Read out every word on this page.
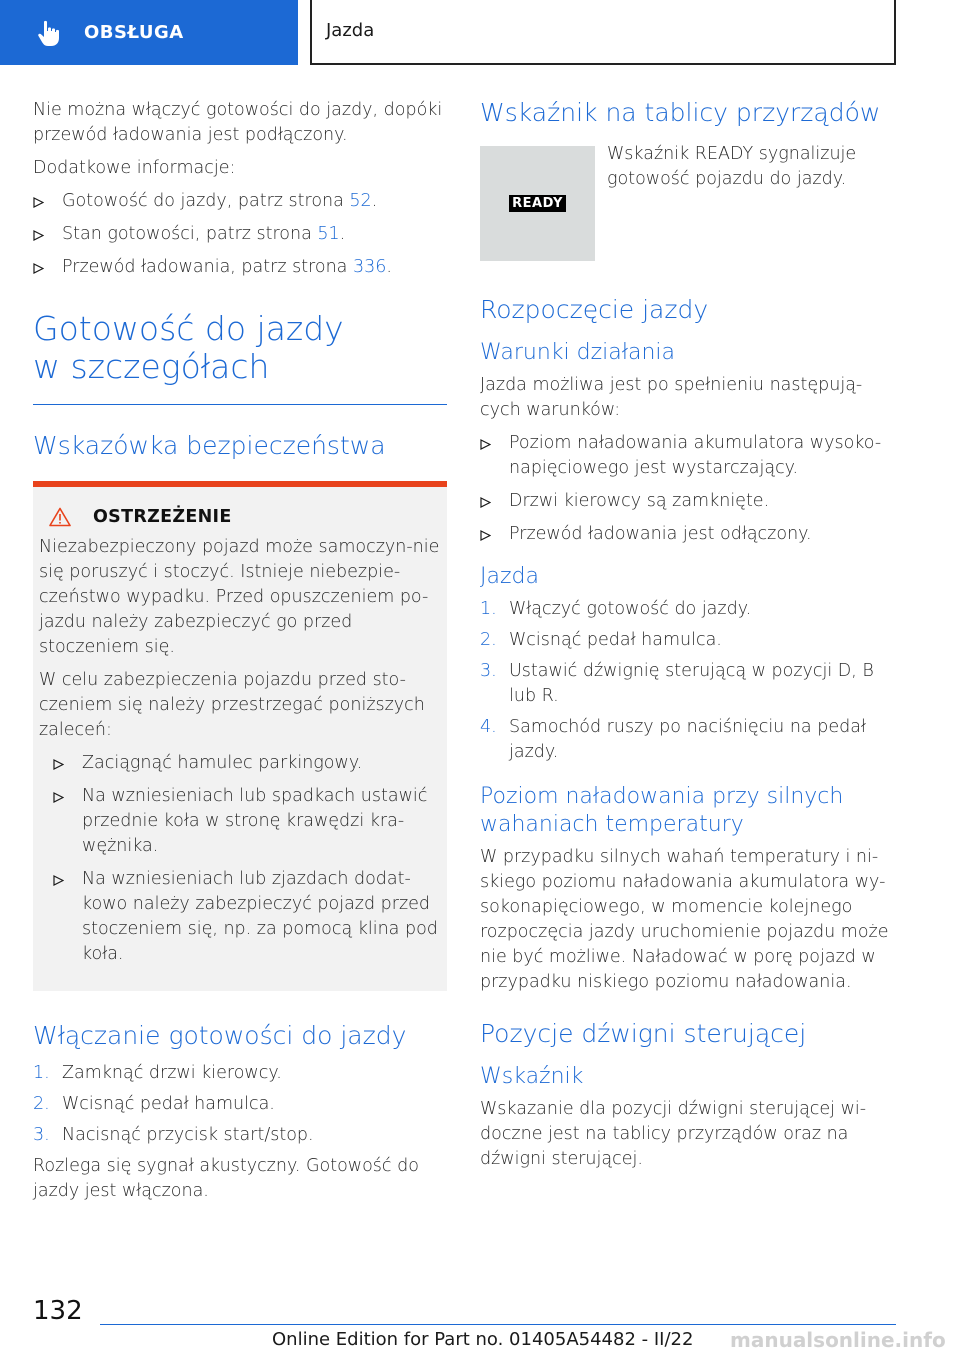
OBSŁUGA	Jazda

Nie można włączyć gotowości do jazdy, dopóki przewód ładowania jest podłączony.

Dodatkowe informacje:

Gotowość do jazdy, patrz strona 52.
Stan gotowości, patrz strona 51.
Przewód ładowania, patrz strona 336.
Gotowość do jazdy
w szczegółach
Wskazówka bezpieczeństwa
OSTRZEŻENIE

Niezabezpieczony pojazd może samoczyn-nie się poruszyć i stoczyć. Istnieje niebezpie-czeństwo wypadku. Przed opuszczeniem po-jazdu należy zabezpieczyć go przed stoczeniem się.

W celu zabezpieczenia pojazdu przed sto-czeniem się należy przestrzegać poniższych zaleceń:

Zaciągnąć hamulec parkingowy.
Na wzniesieniach lub spadkach ustawić przednie koła w stronę krawędzi kra-wężnika.
Na wzniesieniach lub zjazdach dodat-kowo należy zabezpieczyć pojazd przed stoczeniem się, np. za pomocą klina pod koła.
Włączanie gotowości do jazdy
1. Zamknąć drzwi kierowcy.
2. Wcisnąć pedał hamulca.
3. Nacisnąć przycisk start/stop.

Rozlega się sygnał akustyczny. Gotowość do jazdy jest włączona.

Wskaźnik na tablicy przyrządów
READY
Wskaźnik READY sygnalizuje gotowość pojazdu do jazdy.
Rozpoczęcie jazdy
Warunki działania

Jazda możliwa jest po spełnieniu następują-cych warunków:

Poziom naładowania akumulatora wysoko-napięciowego jest wystarczający.
Drzwi kierowcy są zamknięte.
Przewód ładowania jest odłączony.
Jazda
1. Włączyć gotowość do jazdy.
2. Wcisnąć pedał hamulca.
3. Ustawić dźwignię sterującą w pozycji D, B lub R.
4. Samochód ruszy po naciśnięciu na pedał jazdy.
Poziom naładowania przy silnych wahaniach temperatury

W przypadku silnych wahań temperatury i ni-skiego poziomu naładowania akumulatora wy-sokonapięciowego, w momencie kolejnego rozpoczęcia jazdy uruchomienie pojazdu może nie być możliwe. Naładować w porę pojazd w przypadku niskiego poziomu naładowania.

Pozycje dźwigni sterującej
Wskaźnik

Wskazanie dla pozycji dźwigni sterującej wi-doczne jest na tablicy przyrządów oraz na dźwigni sterującej.

132
Online Edition for Part no. 01405A54482 - II/22 manualsonline.info
